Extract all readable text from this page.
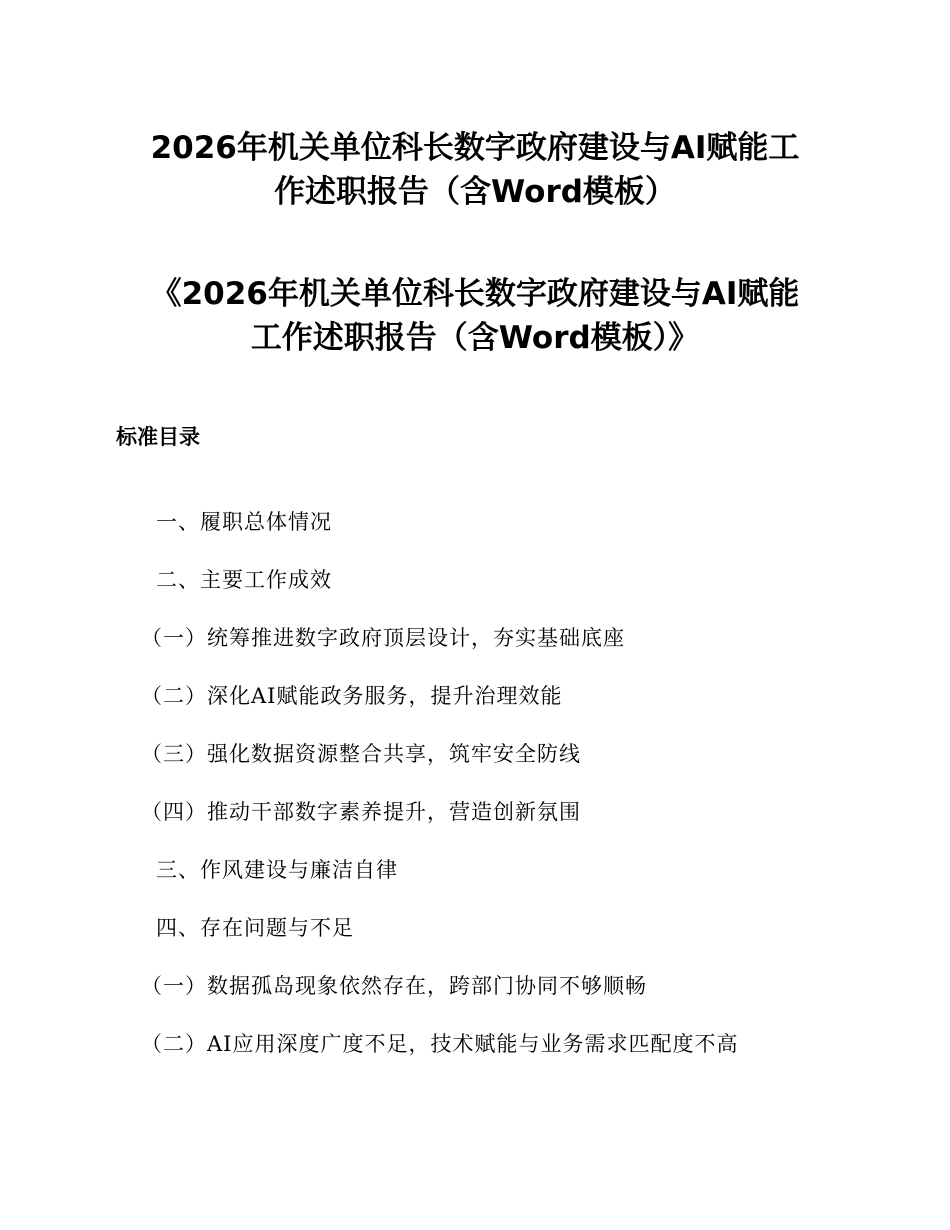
2026年机关单位科长数字政府建设与AI赋能工
作述职报告（含Word模板）
《2026年机关单位科长数字政府建设与AI赋能
工作述职报告（含Word模板）》
标准目录
一、履职总体情况
二、主要工作成效
（一）统筹推进数字政府顶层设计，夯实基础底座
（二）深化AI赋能政务服务，提升治理效能
（三）强化数据资源整合共享，筑牢安全防线
（四）推动干部数字素养提升，营造创新氛围
三、作风建设与廉洁自律
四、存在问题与不足
（一）数据孤岛现象依然存在，跨部门协同不够顺畅
（二）AI应用深度广度不足，技术赋能与业务需求匹配度不高
